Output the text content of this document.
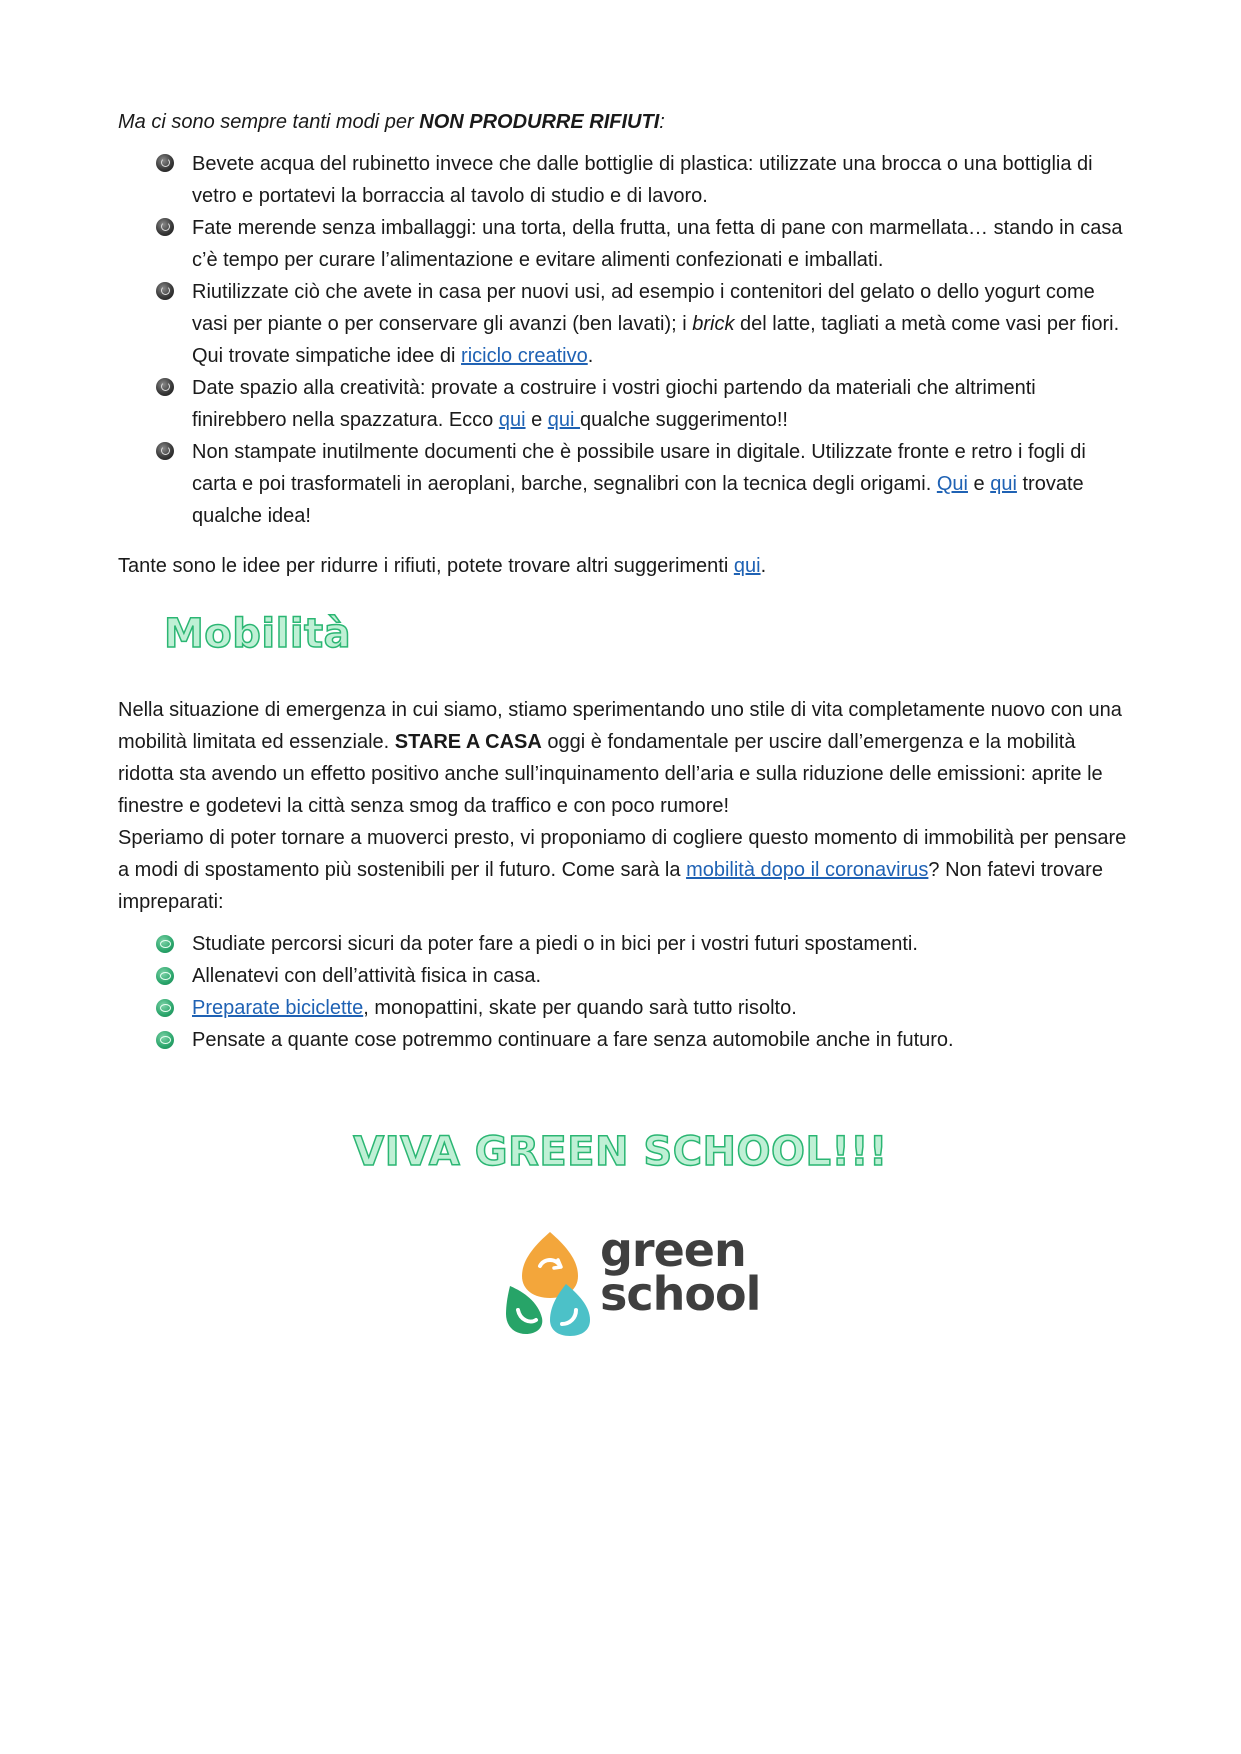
Ma ci sono sempre tanti modi per NON PRODURRE RIFIUTI:

Bevete acqua del rubinetto invece che dalle bottiglie di plastica: utilizzate una brocca o una bottiglia di vetro e portatevi la borraccia al tavolo di studio e di lavoro.
Fate merende senza imballaggi: una torta, della frutta, una fetta di pane con marmellata… stando in casa c’è tempo per curare l’alimentazione e evitare alimenti confezionati e imballati.
Riutilizzate ciò che avete in casa per nuovi usi, ad esempio i contenitori del gelato o dello yogurt come vasi per piante o per conservare gli avanzi (ben lavati); i brick del latte, tagliati a metà come vasi per fiori. Qui trovate simpatiche idee di riciclo creativo.
Date spazio alla creatività: provate a costruire i vostri giochi partendo da materiali che altrimenti finirebbero nella spazzatura. Ecco qui e qui qualche suggerimento!!
Non stampate inutilmente documenti che è possibile usare in digitale. Utilizzate fronte e retro i fogli di carta e poi trasformateli in aeroplani, barche, segnalibri con la tecnica degli origami. Qui e qui trovate qualche idea!

Tante sono le idee per ridurre i rifiuti, potete trovare altri suggerimenti qui.

Mobilità

Nella situazione di emergenza in cui siamo, stiamo sperimentando uno stile di vita completamente nuovo con una mobilità limitata ed essenziale. STARE A CASA oggi è fondamentale per uscire dall’emergenza e la mobilità ridotta sta avendo un effetto positivo anche sull’inquinamento dell’aria e sulla riduzione delle emissioni: aprite le finestre e godetevi la città senza smog da traffico e con poco rumore!
Speriamo di poter tornare a muoverci presto, vi proponiamo di cogliere questo momento di immobilità per pensare a modi di spostamento più sostenibili per il futuro. Come sarà la mobilità dopo il coronavirus? Non fatevi trovare impreparati:

Studiate percorsi sicuri da poter fare a piedi o in bici per i vostri futuri spostamenti.
Allenatevi con dell’attività fisica in casa.
Preparate biciclette, monopattini, skate per quando sarà tutto risolto.
Pensate a quante cose potremmo continuare a fare senza automobile anche in futuro.
VIVA GREEN SCHOOL!!!
green
school
